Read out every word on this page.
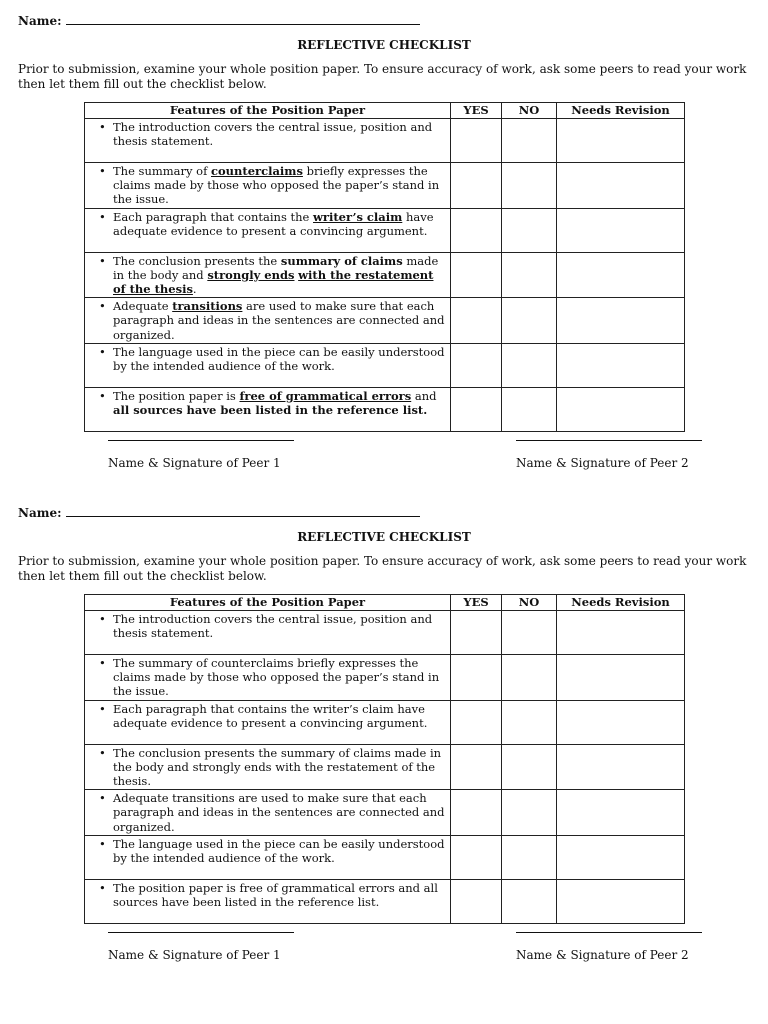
Name:
REFLECTIVE CHECKLIST
Prior to submission, examine your whole position paper. To ensure accuracy of work, ask some peers to read your work then let them fill out the checklist below.
Features of the Position Paper	YES	NO	Needs Revision

• The introduction covers the central issue, position and thesis statement.			

• The summary of counterclaims briefly expresses the claims made by those who opposed the paper’s stand in the issue.			

• Each paragraph that contains the writer’s claim have adequate evidence to present a convincing argument.			

• The conclusion presents the summary of claims made in the body and strongly ends with the restatement of the thesis.			

• Adequate transitions are used to make sure that each paragraph and ideas in the sentences are connected and organized.			

• The language used in the piece can be easily understood by the intended audience of the work.			

• The position paper is free of grammatical errors and all sources have been listed in the reference list.			
Name & Signature of Peer 1	Name & Signature of Peer 2
Name:
REFLECTIVE CHECKLIST
Prior to submission, examine your whole position paper. To ensure accuracy of work, ask some peers to read your work then let them fill out the checklist below.
Features of the Position Paper	YES	NO	Needs Revision

• The introduction covers the central issue, position and thesis statement.			

• The summary of counterclaims briefly expresses the claims made by those who opposed the paper’s stand in the issue.			

• Each paragraph that contains the writer’s claim have adequate evidence to present a convincing argument.			

• The conclusion presents the summary of claims made in the body and strongly ends with the restatement of the thesis.			

• Adequate transitions are used to make sure that each paragraph and ideas in the sentences are connected and organized.			

• The language used in the piece can be easily understood by the intended audience of the work.			

• The position paper is free of grammatical errors and all sources have been listed in the reference list.			
Name & Signature of Peer 1	Name & Signature of Peer 2
